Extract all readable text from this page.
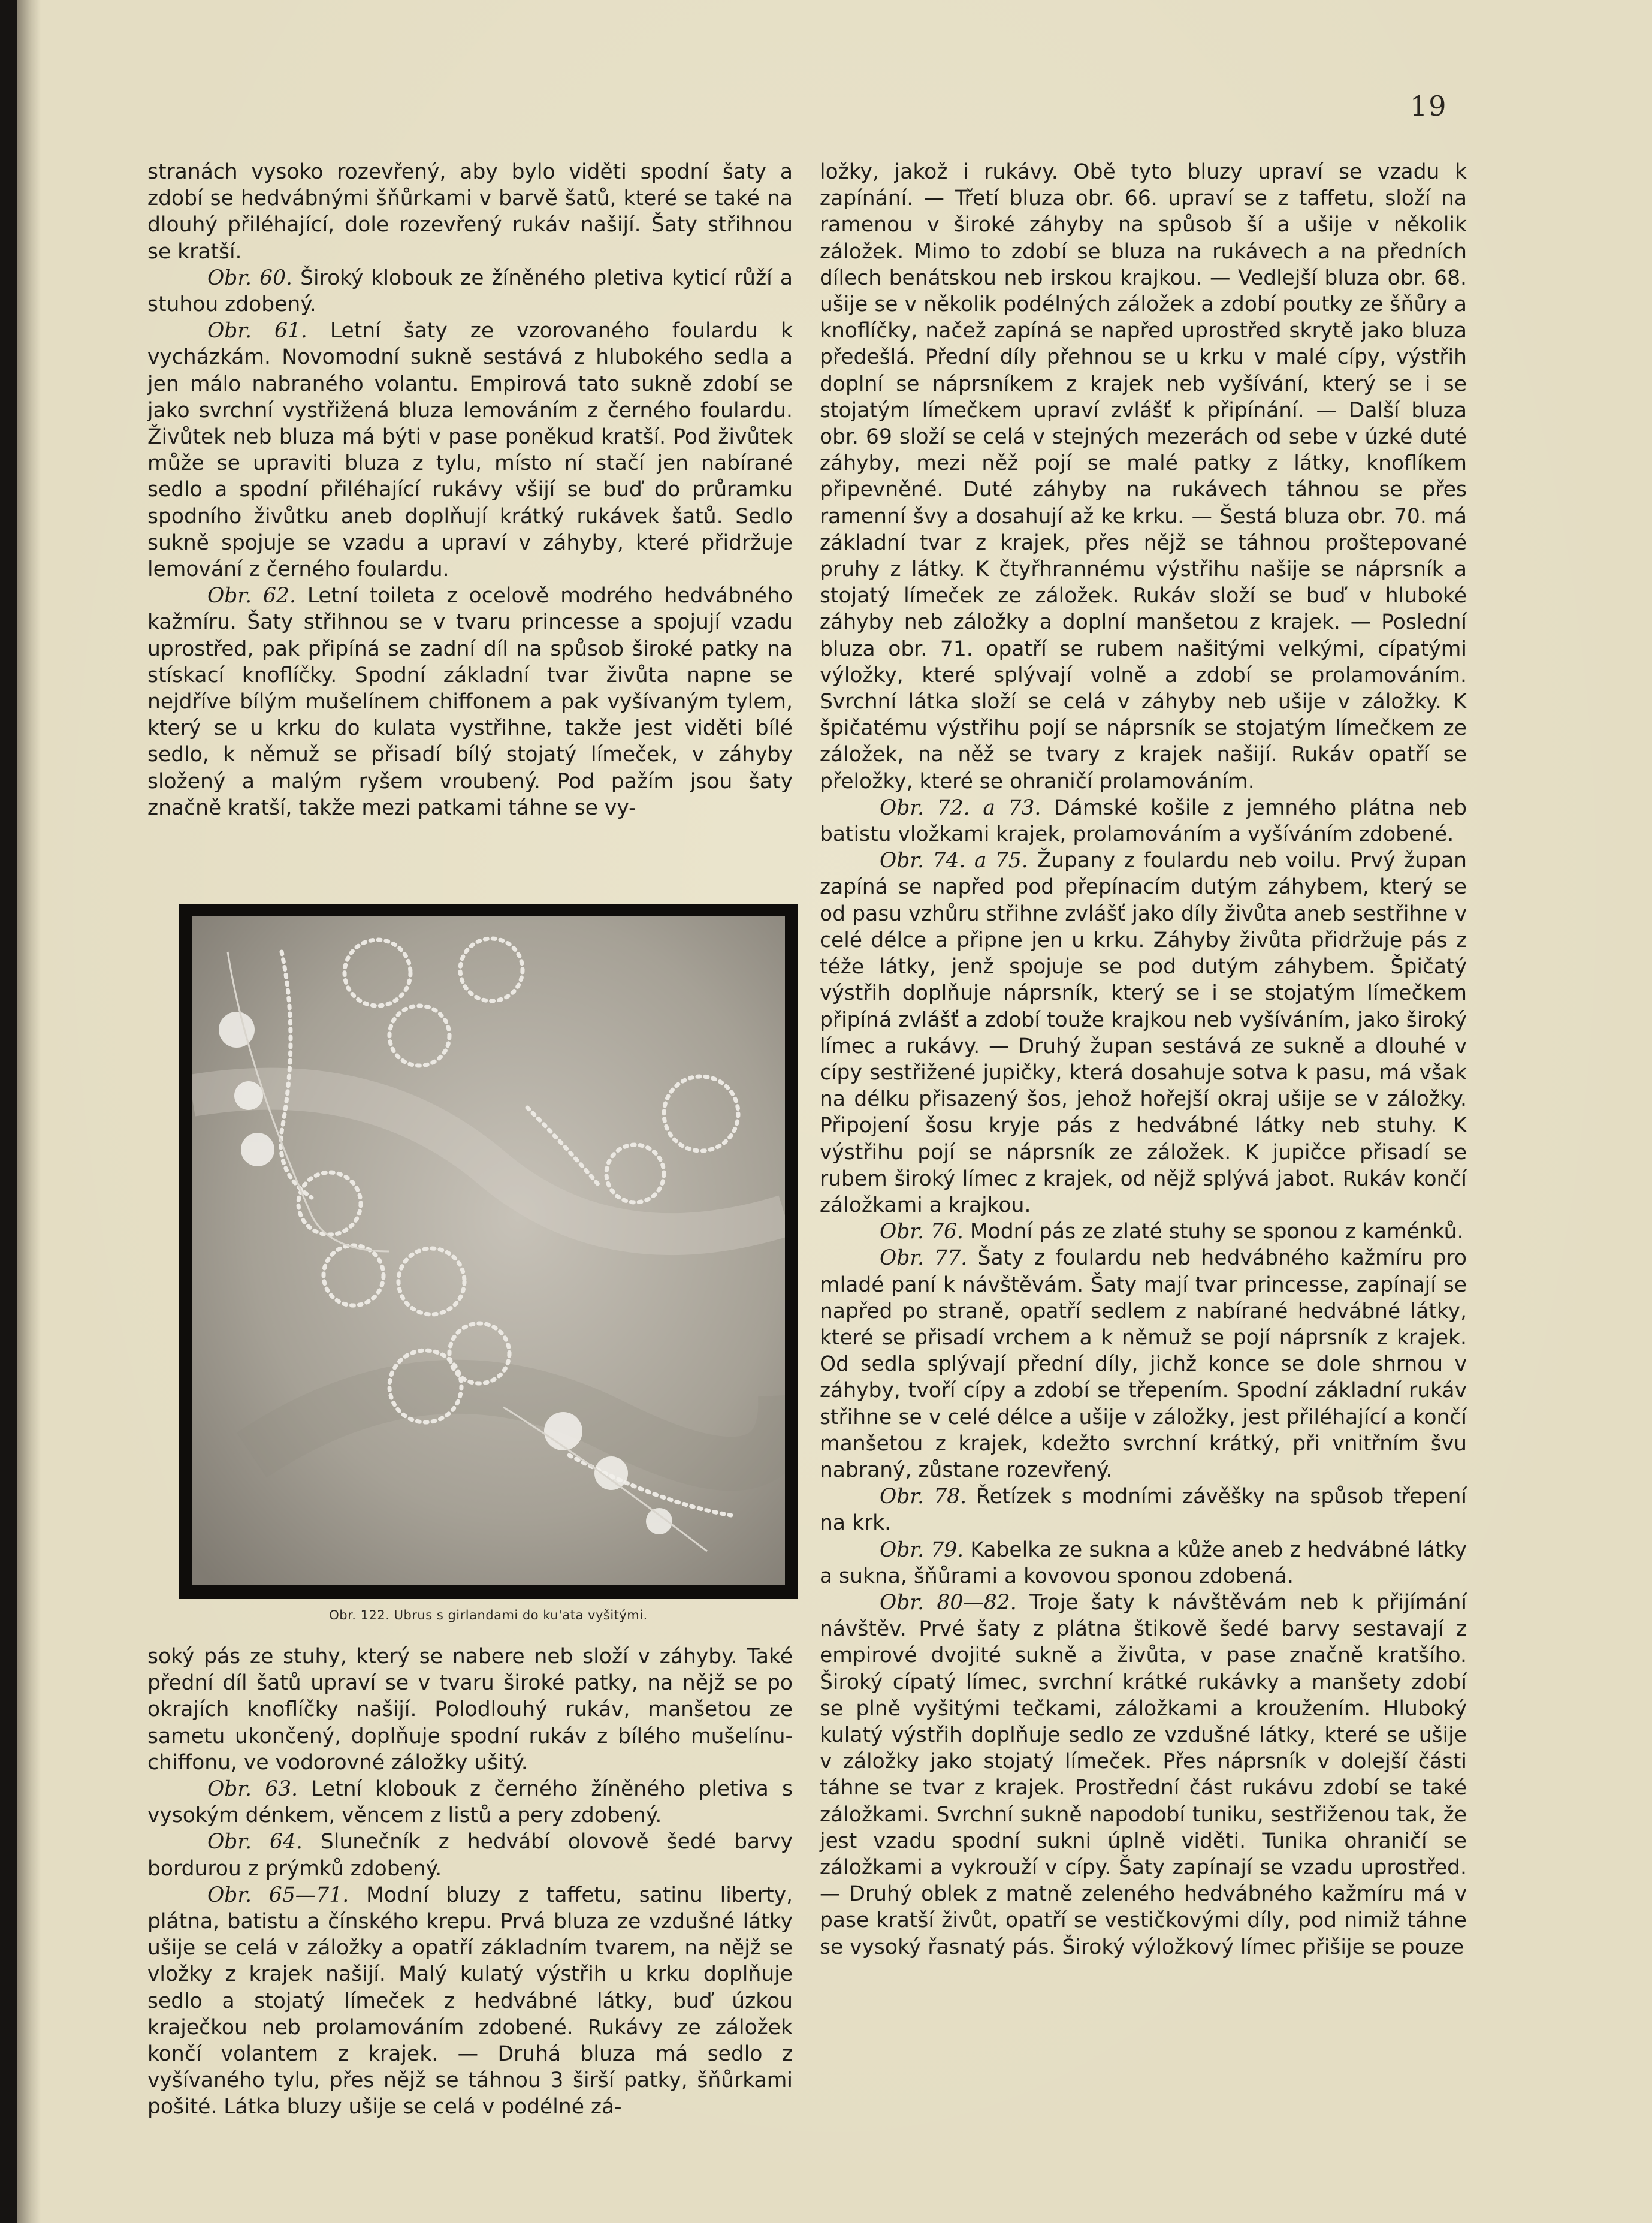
19

stranách vysoko rozevřený, aby bylo viděti spodní šaty a zdobí se hedvábnými šňůrkami v barvě šatů, které se také na dlouhý přiléhající, dole rozevřený rukáv našijí. Šaty střihnou se kratší.

Obr. 60. Široký klobouk ze žíněného pletiva kyticí růží a stuhou zdobený.

Obr. 61. Letní šaty ze vzorovaného foulardu k vycházkám. Novomodní sukně sestává z hlubokého sedla a jen málo nabraného volantu. Empirová tato sukně zdobí se jako svrchní vystřižená bluza lemováním z černého foulardu. Živůtek neb bluza má býti v pase poněkud kratší. Pod živůtek může se upraviti bluza z tylu, místo ní stačí jen nabírané sedlo a spodní přiléhající rukávy všijí se buď do průramku spodního živůtku aneb doplňují krátký rukávek šatů. Sedlo sukně spojuje se vzadu a upraví v záhyby, které přidržuje lemování z černého foulardu.

Obr. 62. Letní toileta z ocelově modrého hedvábného kažmíru. Šaty střihnou se v tvaru princesse a spojují vzadu uprostřed, pak připíná se zadní díl na spůsob široké patky na stískací knoflíčky. Spodní základní tvar živůta napne se nejdříve bílým mušelínem chiffonem a pak vyšívaným tylem, který se u krku do kulata vystřihne, takže jest viděti bílé sedlo, k němuž se přisadí bílý stojatý límeček, v záhyby složený a malým ryšem vroubený. Pod pažím jsou šaty značně kratší, takže mezi patkami táhne se vy-

Obr. 122. Ubrus s girlandami do ku'ata vyšitými.

soký pás ze stuhy, který se nabere neb složí v záhyby. Také přední díl šatů upraví se v tvaru široké patky, na nějž se po okrajích knoflíčky našijí. Polodlouhý rukáv, manšetou ze sametu ukončený, doplňuje spodní rukáv z bílého mušelínu-chiffonu, ve vodorovné záložky ušitý.

Obr. 63. Letní klobouk z černého žíněného pletiva s vysokým dénkem, věncem z listů a pery zdobený.

Obr. 64. Slunečník z hedvábí olovově šedé barvy bordurou z prýmků zdobený.

Obr. 65—71. Modní bluzy z taffetu, satinu liberty, plátna, batistu a čínského krepu. Prvá bluza ze vzdušné látky ušije se celá v záložky a opatří základním tvarem, na nějž se vložky z krajek našijí. Malý kulatý výstřih u krku doplňuje sedlo a stojatý límeček z hedvábné látky, buď úzkou kraječkou neb prolamováním zdobené. Rukávy ze záložek končí volantem z krajek. — Druhá bluza má sedlo z vyšívaného tylu, přes nějž se táhnou 3 širší patky, šňůrkami pošité. Látka bluzy ušije se celá v podélné zá-

ložky, jakož i rukávy. Obě tyto bluzy upraví se vzadu k zapínání. — Třetí bluza obr. 66. upraví se z taffetu, složí na ramenou v široké záhyby na spůsob ší a ušije v několik záložek. Mimo to zdobí se bluza na rukávech a na předních dílech benátskou neb irskou krajkou. — Vedlejší bluza obr. 68. ušije se v několik podélných záložek a zdobí poutky ze šňůry a knoflíčky, načež zapíná se napřed uprostřed skrytě jako bluza předešlá. Přední díly přehnou se u krku v malé cípy, výstřih doplní se náprsníkem z krajek neb vyšívání, který se i se stojatým límečkem upraví zvlášť k připínání. — Další bluza obr. 69 složí se celá v stejných mezerách od sebe v úzké duté záhyby, mezi něž pojí se malé patky z látky, knoflíkem připevněné. Duté záhyby na rukávech táhnou se přes ramenní švy a dosahují až ke krku. — Šestá bluza obr. 70. má základní tvar z krajek, přes nějž se táhnou proštepované pruhy z látky. K čtyřhrannému výstřihu našije se náprsník a stojatý límeček ze záložek. Rukáv složí se buď v hluboké záhyby neb záložky a doplní manšetou z krajek. — Poslední bluza obr. 71. opatří se rubem našitými velkými, cípatými výložky, které splývají volně a zdobí se prolamováním. Svrchní látka složí se celá v záhyby neb ušije v záložky. K špičatému výstřihu pojí se náprsník se stojatým límečkem ze záložek, na něž se tvary z krajek našijí. Rukáv opatří se přeložky, které se ohraničí prolamováním.

Obr. 72. a 73. Dámské košile z jemného plátna neb batistu vložkami krajek, prolamováním a vyšíváním zdobené.

Obr. 74. a 75. Župany z foulardu neb voilu. Prvý župan zapíná se napřed pod přepínacím dutým záhybem, který se od pasu vzhůru střihne zvlášť jako díly živůta aneb sestřihne v celé délce a připne jen u krku. Záhyby živůta přidržuje pás z téže látky, jenž spojuje se pod dutým záhybem. Špičatý výstřih doplňuje náprsník, který se i se stojatým límečkem připíná zvlášť a zdobí touže krajkou neb vyšíváním, jako široký límec a rukávy. — Druhý župan sestává ze sukně a dlouhé v cípy sestřižené jupičky, která dosahuje sotva k pasu, má však na délku přisazený šos, jehož hořejší okraj ušije se v záložky. Připojení šosu kryje pás z hedvábné látky neb stuhy. K výstřihu pojí se náprsník ze záložek. K jupičce přisadí se rubem široký límec z krajek, od nějž splývá jabot. Rukáv končí záložkami a krajkou.

Obr. 76. Modní pás ze zlaté stuhy se sponou z kaménků.

Obr. 77. Šaty z foulardu neb hedvábného kažmíru pro mladé paní k návštěvám. Šaty mají tvar princesse, zapínají se napřed po straně, opatří sedlem z nabírané hedvábné látky, které se přisadí vrchem a k němuž se pojí náprsník z krajek. Od sedla splývají přední díly, jichž konce se dole shrnou v záhyby, tvoří cípy a zdobí se třepením. Spodní základní rukáv střihne se v celé délce a ušije v záložky, jest přiléhající a končí manšetou z krajek, kdežto svrchní krátký, při vnitřním švu nabraný, zůstane rozevřený.

Obr. 78. Řetízek s modními závěšky na spůsob třepení na krk.

Obr. 79. Kabelka ze sukna a kůže aneb z hedvábné látky a sukna, šňůrami a kovovou sponou zdobená.

Obr. 80—82. Troje šaty k návštěvám neb k přijímání návštěv. Prvé šaty z plátna štikově šedé barvy sestavají z empirové dvojité sukně a živůta, v pase značně kratšího. Široký cípatý límec, svrchní krátké rukávky a manšety zdobí se plně vyšitými tečkami, záložkami a kroužením. Hluboký kulatý výstřih doplňuje sedlo ze vzdušné látky, které se ušije v záložky jako stojatý límeček. Přes náprsník v dolejší části táhne se tvar z krajek. Prostřední část rukávu zdobí se také záložkami. Svrchní sukně napodobí tuniku, sestřiženou tak, že jest vzadu spodní sukni úplně viděti. Tunika ohraničí se záložkami a vykrouží v cípy. Šaty zapínají se vzadu uprostřed. — Druhý oblek z matně zeleného hedvábného kažmíru má v pase kratší živůt, opatří se vestičkovými díly, pod nimiž táhne se vysoký řasnatý pás. Široký výložkový límec přišije se pouze
